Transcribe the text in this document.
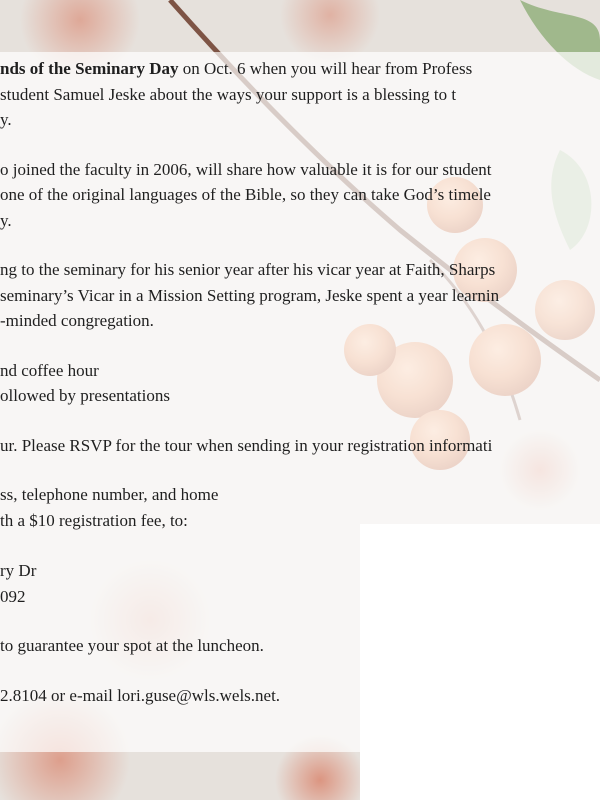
nds of the Seminary Day on Oct. 6 when you will hear from Profess
student Samuel Jeske about the ways your support is a blessing to t
y.

o joined the faculty in 2006, will share how valuable it is for our student
one of the original languages of the Bible, so they can take God’s timele
y.

ng to the seminary for his senior year after his vicar year at Faith, Sharps
seminary’s Vicar in a Mission Setting program, Jeske spent a year learnin
-minded congregation.

nd coffee hour
ollowed by presentations

ur. Please RSVP for the tour when sending in your registration informati

ss, telephone number, and home
th a $10 registration fee, to:

ry Dr
092

to guarantee your spot at the luncheon.

2.8104 or e-mail lori.guse@wls.wels.net.
